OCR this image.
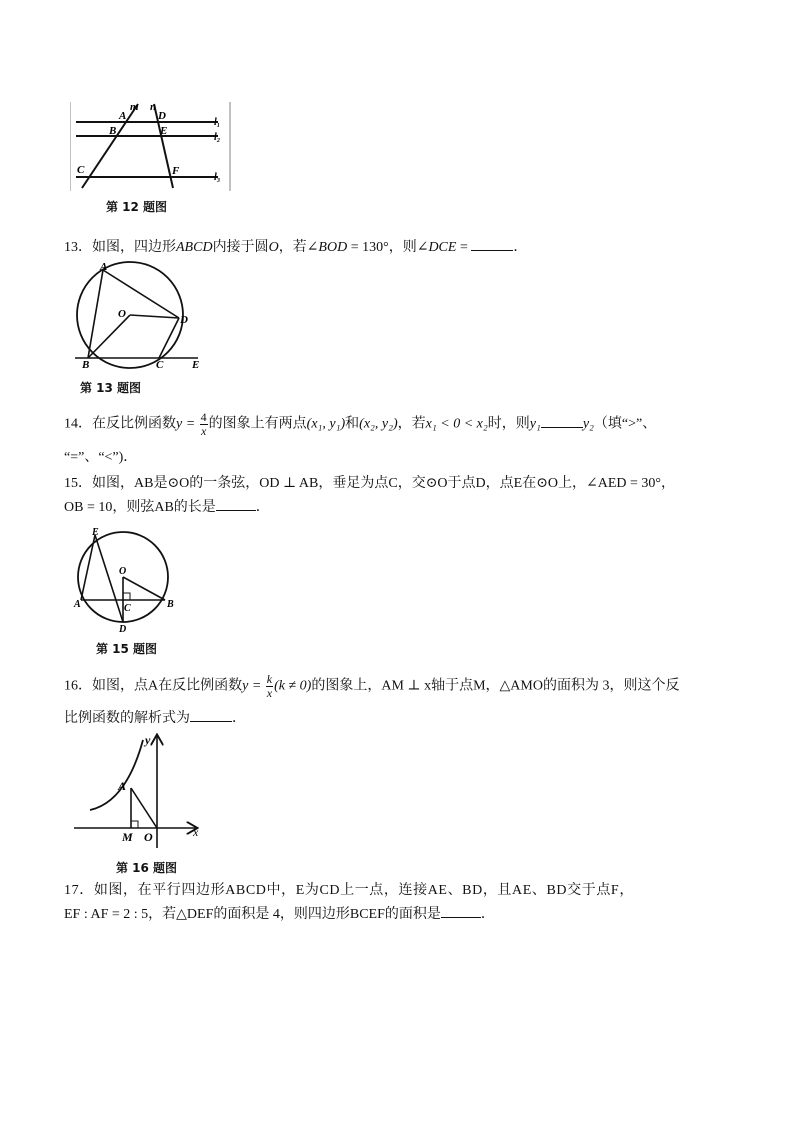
m n
A	D
B	E
C	F
l₁
l₂
l₃
第 12 题图
13．如图，四边形ABCD内接于圆O，若∠BOD = 130°，则∠DCE =	．
A
O	D
B	C	E
第 13 题图
14．在反比例函数$y = \frac{4}{x}$ 的图象上有两点(x₁, y₁)和(x₂, y₂)，若x₁ < 0 < x₂时，则y₁	y₂（填“>”、
“=”、“<”)．
15．如图，AB是⊙O的一条弦，OD ⊥ AB，垂足为点C，交⊙O于点D，点E在⊙O上，∠AED = 30°，
OB = 10，则弦AB的长是	．
E
O
A	C	B
D
第 15 题图
16．如图，点A在反比例函数$y = \frac{k}{x} (k \ne 0)$的图象上，AM ⊥ x轴于点M，△AMO的面积为 3，则这个反
比例函数的解析式为	．
y
A
M O	x
第 16 题图
17．如图，在平行四边形ABCD中，E为CD上一点，连接AE、BD，且AE、BD交于点F，
EF : AF = 2 : 5，若△DEF的面积是 4，则四边形BCEF的面积是	．
